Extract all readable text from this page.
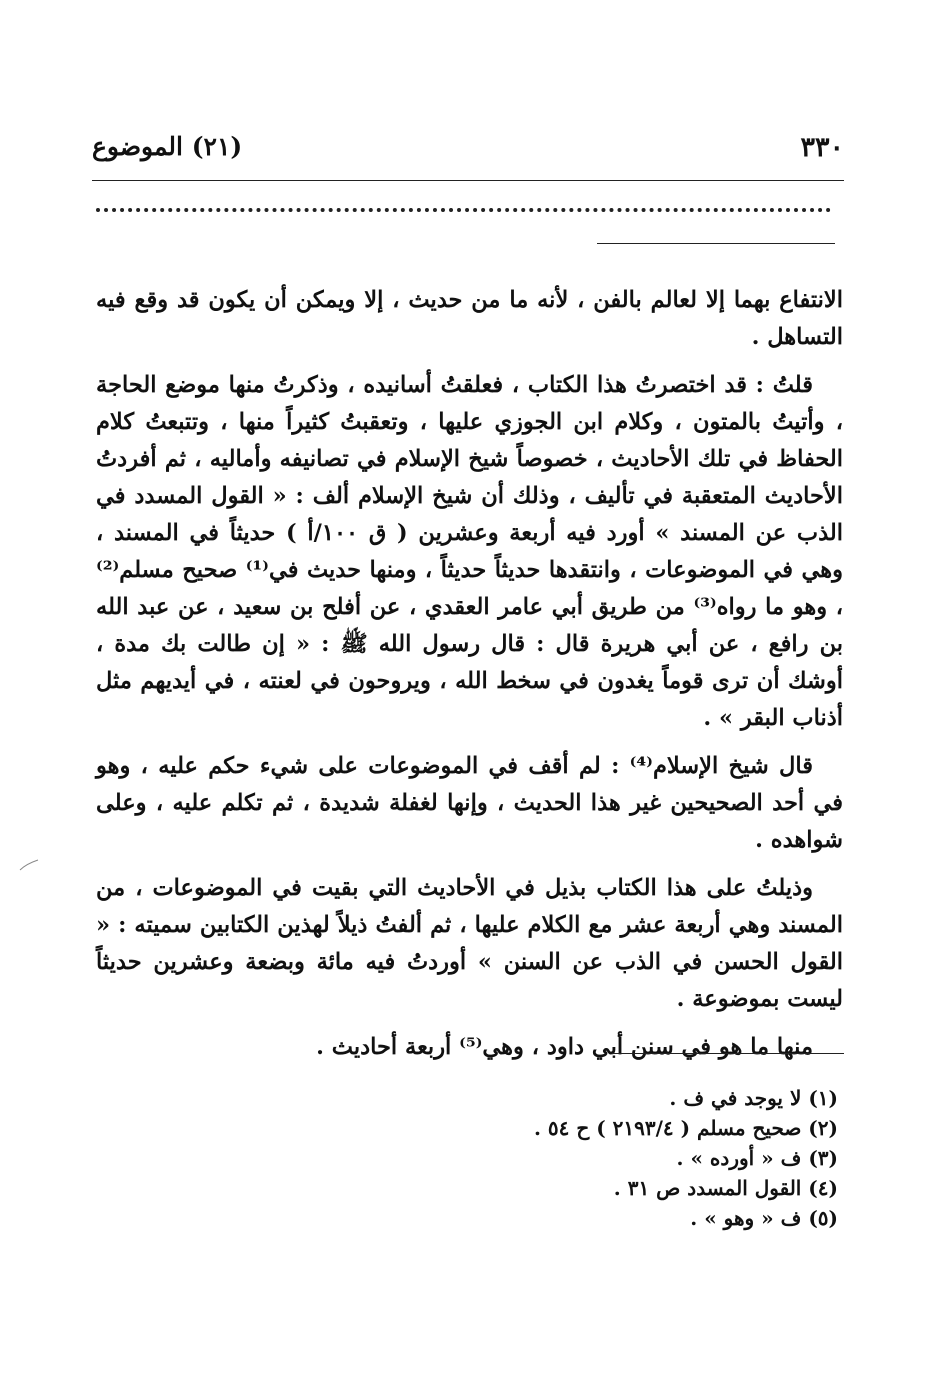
٣٣٠
(٢١) الموضوع

الانتفاع بهما إلا لعالم بالفن ، لأنه ما من حديث ، إلا ويمكن أن يكون قد وقع فيه التساهل .

قلتُ : قد اختصرتُ هذا الكتاب ، فعلقتُ أسانيده ، وذكرتُ منها موضع الحاجة ، وأتيتُ بالمتون ، وكلام ابن الجوزي عليها ، وتعقبتُ كثيراً منها ، وتتبعتُ كلام الحفاظ في تلك الأحاديث ، خصوصاً شيخ الإسلام في تصانيفه وأماليه ، ثم أفردتُ الأحاديث المتعقبة في تأليف ، وذلك أن شيخ الإسلام ألف : « القول المسدد في الذب عن المسند » أورد فيه أربعة وعشرين ( ق ١٠٠/أ ) حديثاً في المسند ، وهي في الموضوعات ، وانتقدها حديثاً حديثاً ، ومنها حديث في⁽¹⁾ صحيح مسلم⁽²⁾ ، وهو ما رواه⁽³⁾ من طريق أبي عامر العقدي ، عن أفلح بن سعيد ، عن عبد الله بن رافع ، عن أبي هريرة قال : قال رسول الله ﷺ : « إن طالت بك مدة ، أوشك أن ترى قوماً يغدون في سخط الله ، ويروحون في لعنته ، في أيديهم مثل أذناب البقر » .

قال شيخ الإسلام⁽⁴⁾ : لم أقف في الموضوعات على شيء حكم عليه ، وهو في أحد الصحيحين غير هذا الحديث ، وإنها لغفلة شديدة ، ثم تكلم عليه ، وعلى شواهده .

وذيلتُ على هذا الكتاب بذيل في الأحاديث التي بقيت في الموضوعات ، من المسند وهي أربعة عشر مع الكلام عليها ، ثم ألفتُ ذيلاً لهذين الكتابين سميته : « القول الحسن في الذب عن السنن » أوردتُ فيه مائة وبضعة وعشرين حديثاً ليست بموضوعة .

منها ما هو في سنن أبي داود ، وهي⁽⁵⁾ أربعة أحاديث .

(١) لا يوجد في ف .
(٢) صحيح مسلم ( ٢١٩٣/٤ ) ح ٥٤ .
(٣) ف « أورده » .
(٤) القول المسدد ص ٣١ .
(٥) ف « وهو » .
